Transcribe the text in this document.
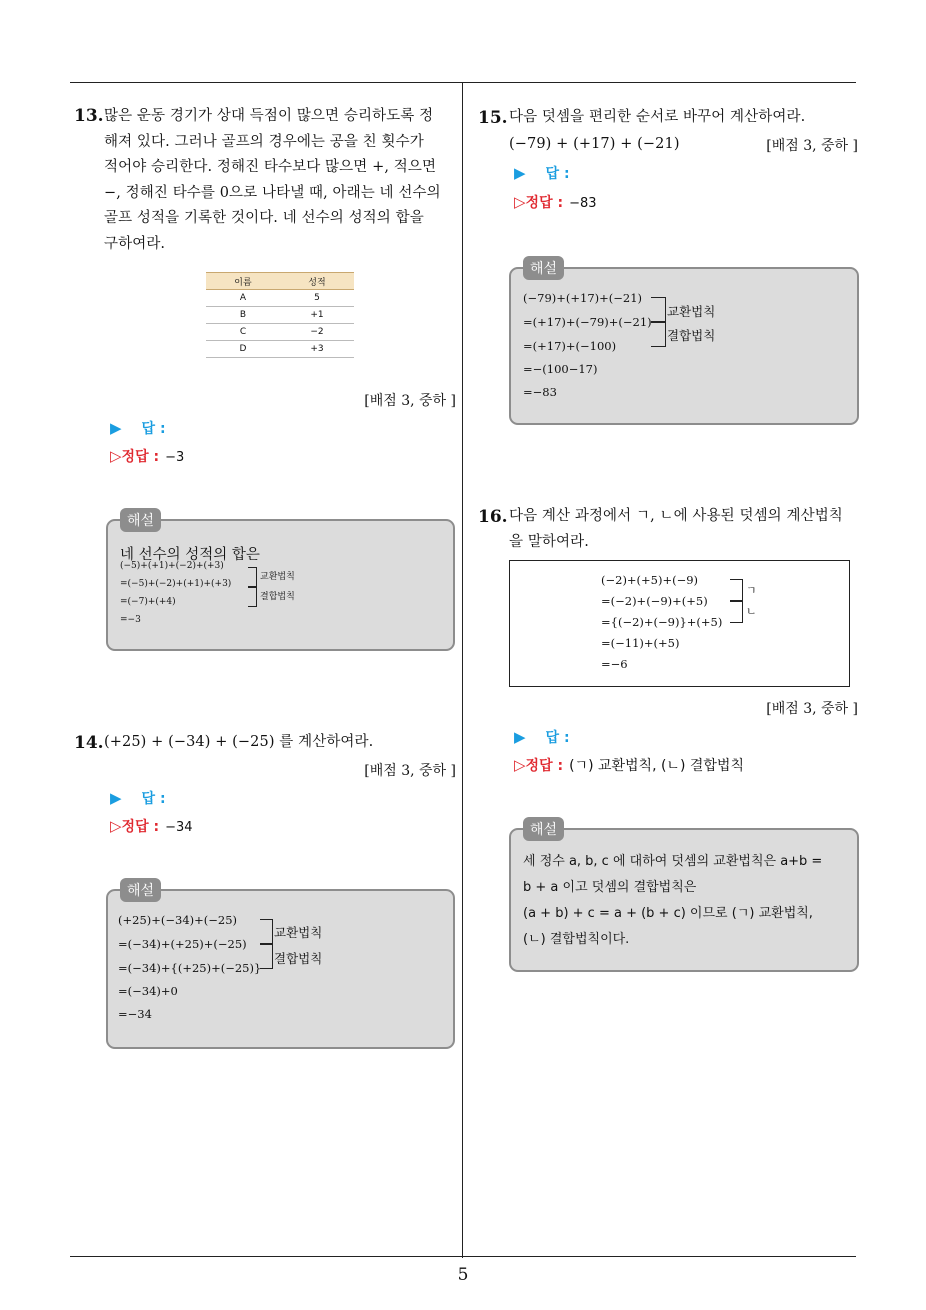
5
13. 많은 운동 경기가 상대 득점이 많으면 승리하도록 정
해져 있다. 그러나 골프의 경우에는 공을 친 횟수가
적어야 승리한다. 정해진 타수보다 많으면 +, 적으면
−, 정해진 타수를 0으로 나타낼 때, 아래는 네 선수의
골프 성적을 기록한 것이다. 네 선수의 성적의 합을
구하여라.
이름	성적
A	5
B	+1
C	−2
D	+3
[배점 3, 중하 ]
▶ 답 :
▷정답 : −3
해설
네 선수의 성적의 합은
(−5)+(+1)+(−2)+(+3)
=(−5)+(−2)+(+1)+(+3)
=(−7)+(+4)
=−3
교환법칙
결합법칙
14. (+25) + (−34) + (−25) 를 계산하여라.
[배점 3, 중하 ]
▶ 답 :
▷정답 : −34
해설
(+25)+(−34)+(−25)
=(−34)+(+25)+(−25)
=(−34)+{(+25)+(−25)}
=(−34)+0
=−34
교환법칙
결합법칙
15. 다음 덧셈을 편리한 순서로 바꾸어 계산하여라.
(−79) + (+17) + (−21)	[배점 3, 중하 ]
▶ 답 :
▷정답 : −83
해설
(−79)+(+17)+(−21)
=(+17)+(−79)+(−21)
=(+17)+(−100)
=−(100−17)
=−83
교환법칙
결합법칙
16. 다음 계산 과정에서 ㄱ, ㄴ에 사용된 덧셈의 계산법칙
을 말하여라.
(−2)+(+5)+(−9)
=(−2)+(−9)+(+5)
={(−2)+(−9)}+(+5)
=(−11)+(+5)
=−6
ㄱ
ㄴ
[배점 3, 중하 ]
▶ 답 :
▷정답 : (ㄱ) 교환법칙, (ㄴ) 결합법칙
해설
세 정수 a, b, c 에 대하여 덧셈의 교환법칙은 a+b =
b + a 이고 덧셈의 결합법칙은
(a + b) + c = a + (b + c) 이므로 (ㄱ) 교환법칙,
(ㄴ) 결합법칙이다.
